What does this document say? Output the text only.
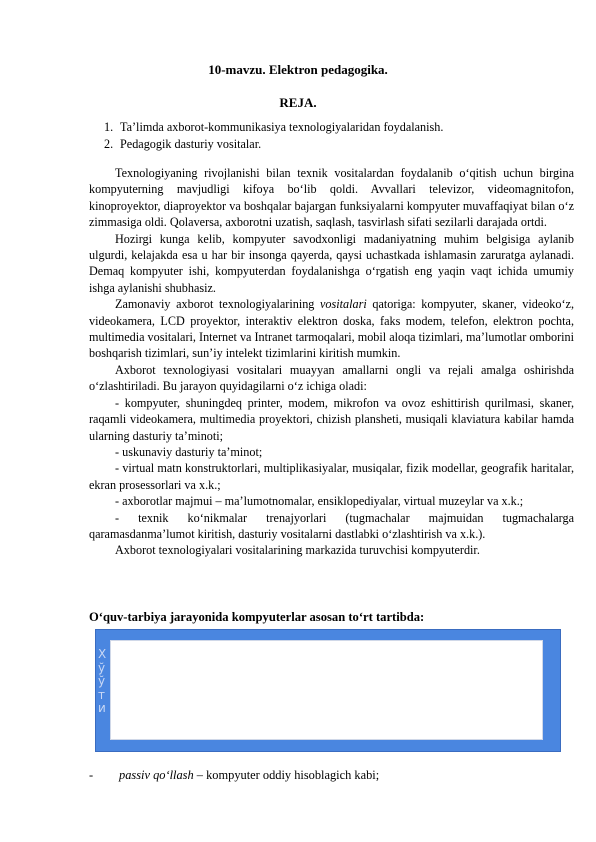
10-mavzu. Elektron pedagogika.
REJA.
1. Ta’limda axborot-kommunikasiya texnologiyalaridan foydalanish.
2. Pedagogik dasturiy vositalar.

Texnologiyaning rivojlanishi bilan texnik vositalardan foydalanib o‘qitish uchun birgina kompyuterning mavjudligi kifoya bo‘lib qoldi. Avvallari televizor, videomagnitofon, kinoproyektor, diaproyektor va boshqalar bajargan funksiyalarni kompyuter muvaffaqiyat bilan o‘z zimmasiga oldi. Qolaversa, axborotni uzatish, saqlash, tasvirlash sifati sezilarli darajada ortdi.

Hozirgi kunga kelib, kompyuter savodxonligi madaniyatning muhim belgisiga aylanib ulgurdi, kelajakda esa u har bir insonga qayerda, qaysi uchastkada ishlamasin zaruratga aylanadi. Demaq kompyuter ishi, kompyuterdan foydalanishga o‘rgatish eng yaqin vaqt ichida umumiy ishga aylanishi shubhasiz.

Zamonaviy axborot texnologiyalarining vositalari qatoriga: kompyuter, skaner, videoko‘z, videokamera, LCD proyektor, interaktiv elektron doska, faks modem, telefon, elektron pochta, multimedia vositalari, Internet va Intranet tarmoqalari, mobil aloqa tizimlari, ma’lumotlar omborini boshqarish tizimlari, sun’iy intelekt tizimlarini kiritish mumkin.

Axborot texnologiyasi vositalari muayyan amallarni ongli va rejali amalga oshirishda o‘zlashtiriladi. Bu jarayon quyidagilarni o‘z ichiga oladi:

- kompyuter, shuningdeq printer, modem, mikrofon va ovoz eshittirish qurilmasi, skaner, raqamli videokamera, multimedia proyektori, chizish plansheti, musiqali klaviatura kabilar hamda ularning dasturiy ta’minoti;

- uskunaviy dasturiy ta’minot;

- virtual matn konstruktorlari, multiplikasiyalar, musiqalar, fizik modellar, geografik haritalar, ekran prosessorlari va x.k.;

- axborotlar majmui – ma’lumotnomalar, ensiklopediyalar, virtual muzeylar va x.k.;

- texnik ko‘nikmalar trenajyorlari (tugmachalar majmuidan tugmachalarga qaramasdanma’lumot kiritish, dasturiy vositalarni dastlabki o‘zlashtirish va x.k.).

Axborot texnologiyalari vositalarining markazida turuvchisi kompyuterdir.

O‘quv-tarbiya jarayonida kompyuterlar asosan to‘rt tartibda:
Х
ў
ў
т
и
- passiv qo‘llash – kompyuter oddiy hisoblagich kabi;
